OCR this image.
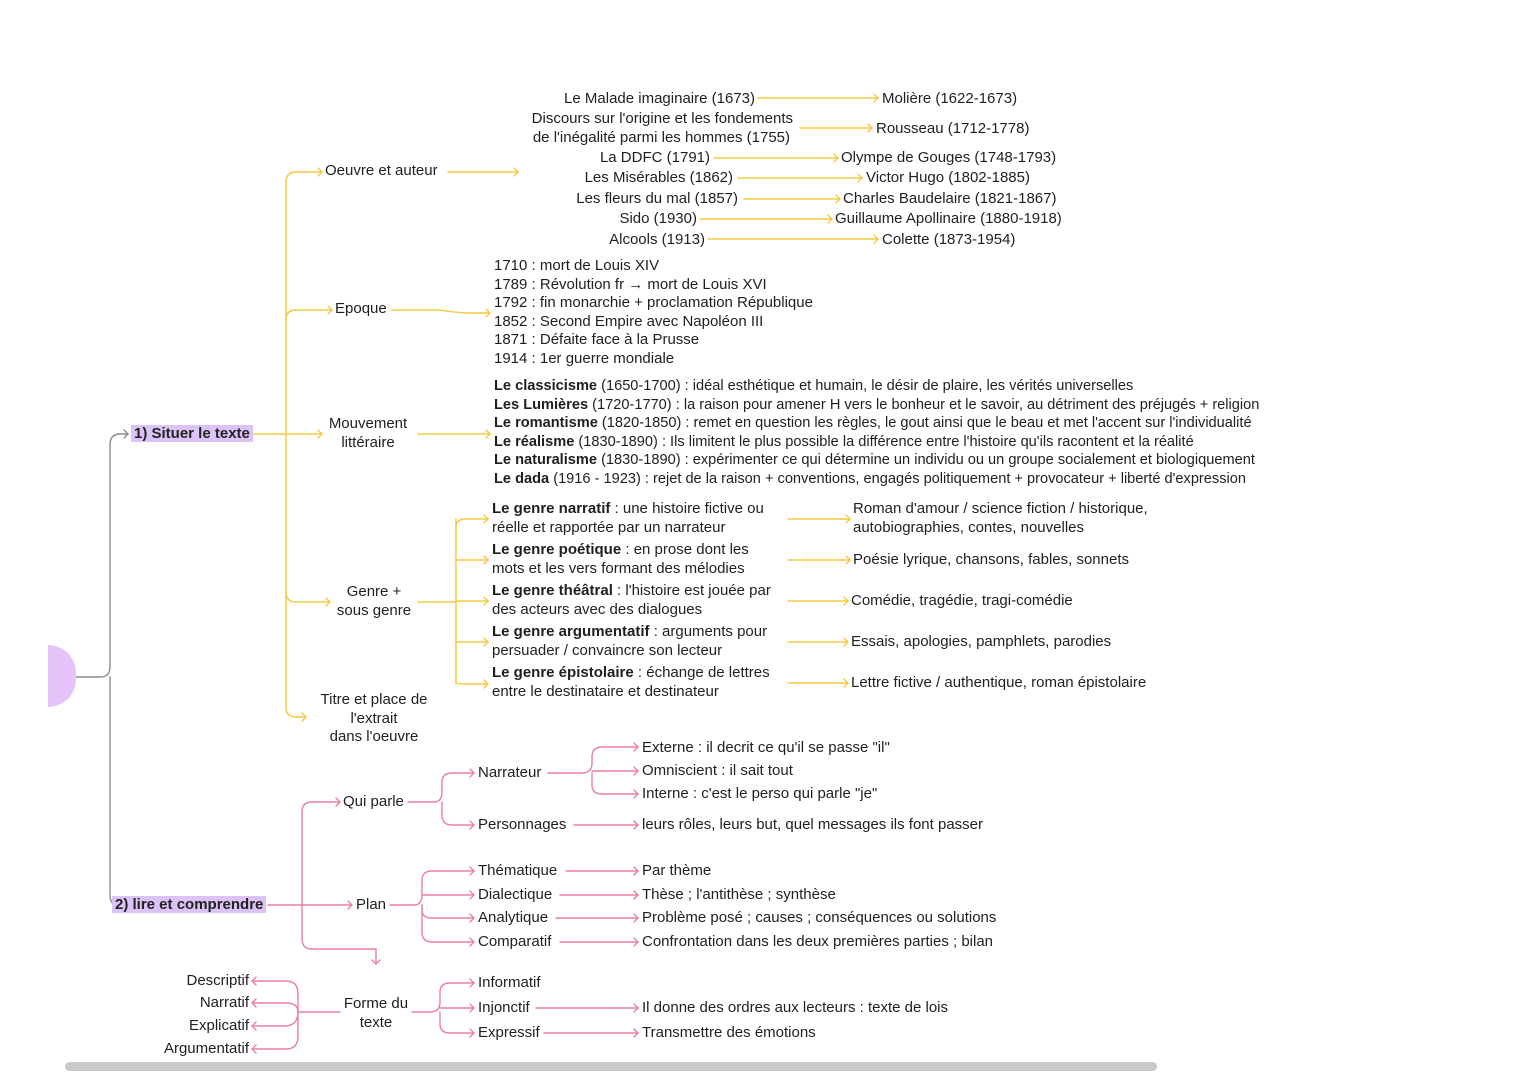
1) Situer le texte
2) lire et comprendre
Oeuvre et auteur
Epoque
Mouvement
littéraire
Genre +
sous genre
Titre et place de
l'extrait
dans l'oeuvre
Le Malade imaginaire (1673)
Discours sur l'origine et les fondements
de l'inégalité parmi les hommes (1755)
La DDFC (1791)
Les Misérables (1862)
Les fleurs du mal (1857)
Sido (1930)
Alcools (1913)
Molière (1622-1673)
Rousseau (1712-1778)
Olympe de Gouges (1748-1793)
Victor Hugo (1802-1885)
Charles Baudelaire (1821-1867)
Guillaume Apollinaire (1880-1918)
Colette (1873-1954)
1710 : mort de Louis XIV
1789 : Révolution fr → mort de Louis XVI
1792 : fin monarchie + proclamation République
1852 : Second Empire avec Napoléon III
1871 : Défaite face à la Prusse
1914 : 1er guerre mondiale
Le classicisme (1650-1700) : idéal esthétique et humain, le désir de plaire, les vérités universelles
Les Lumières (1720-1770) : la raison pour amener H vers le bonheur et le savoir, au détriment des préjugés + religion
Le romantisme (1820-1850) : remet en question les règles, le gout ainsi que le beau et met l'accent sur l'individualité
Le réalisme (1830-1890) : Ils limitent le plus possible la différence entre l'histoire qu'ils racontent et la réalité
Le naturalisme (1830-1890) : expérimenter ce qui détermine un individu ou un groupe socialement et biologiquement
Le dada (1916 - 1923) : rejet de la raison + conventions, engagés politiquement + provocateur + liberté d'expression
Le genre narratif : une histoire fictive ou
réelle et rapportée par un narrateur
Le genre poétique : en prose dont les
mots et les vers formant des mélodies
Le genre théâtral : l'histoire est jouée par
des acteurs avec des dialogues
Le genre argumentatif : arguments pour
persuader / convaincre son lecteur
Le genre épistolaire : échange de lettres
entre le destinataire et destinateur
Roman d'amour / science fiction / historique,
autobiographies, contes, nouvelles
Poésie lyrique, chansons, fables, sonnets
Comédie, tragédie, tragi-comédie
Essais, apologies, pamphlets, parodies
Lettre fictive / authentique, roman épistolaire
Qui parle
Narrateur
Personnages
Externe : il decrit ce qu'il se passe "il"
Omniscient : il sait tout
Interne : c'est le perso qui parle "je"
leurs rôles, leurs but, quel messages ils font passer
Plan
Thématique
Dialectique
Analytique
Comparatif
Par thème
Thèse ; l'antithèse ; synthèse
Problème posé ; causes ; conséquences ou solutions
Confrontation dans les deux premières parties ; bilan
Forme du
texte
Descriptif
Narratif
Explicatif
Argumentatif
Informatif
Injonctif
Expressif
Il donne des ordres aux lecteurs : texte de lois
Transmettre des émotions
